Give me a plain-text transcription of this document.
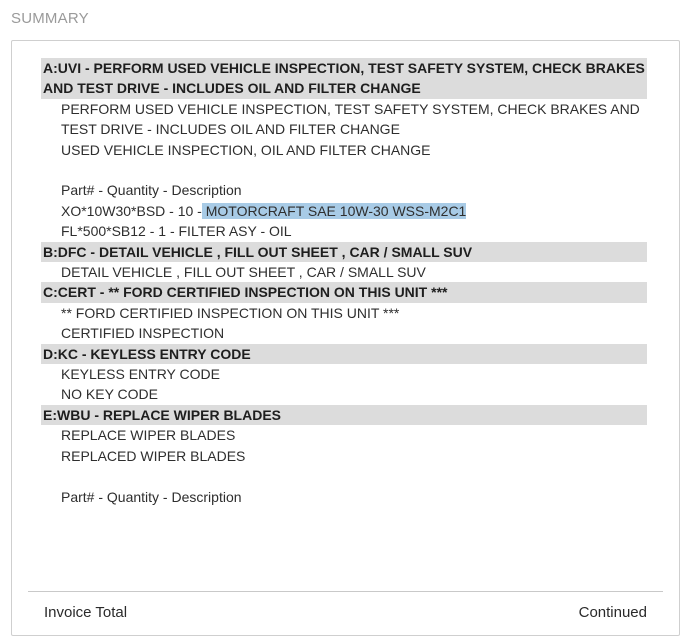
SUMMARY
A:UVI - PERFORM USED VEHICLE INSPECTION, TEST SAFETY SYSTEM, CHECK BRAKES AND TEST DRIVE - INCLUDES OIL AND FILTER CHANGE
PERFORM USED VEHICLE INSPECTION, TEST SAFETY SYSTEM, CHECK BRAKES AND
TEST DRIVE - INCLUDES OIL AND FILTER CHANGE
USED VEHICLE INSPECTION, OIL AND FILTER CHANGE
Part# - Quantity - Description
XO*10W30*BSD - 10 - MOTORCRAFT SAE 10W-30 WSS-M2C1
FL*500*SB12 - 1 - FILTER ASY - OIL
B:DFC - DETAIL VEHICLE , FILL OUT SHEET , CAR / SMALL SUV
DETAIL VEHICLE , FILL OUT SHEET , CAR / SMALL SUV
C:CERT - ** FORD CERTIFIED INSPECTION ON THIS UNIT ***
** FORD CERTIFIED INSPECTION ON THIS UNIT ***
CERTIFIED INSPECTION
D:KC - KEYLESS ENTRY CODE
KEYLESS ENTRY CODE
NO KEY CODE
E:WBU - REPLACE WIPER BLADES
REPLACE WIPER BLADES
REPLACED WIPER BLADES
Part# - Quantity - Description
Invoice Total	Continued
